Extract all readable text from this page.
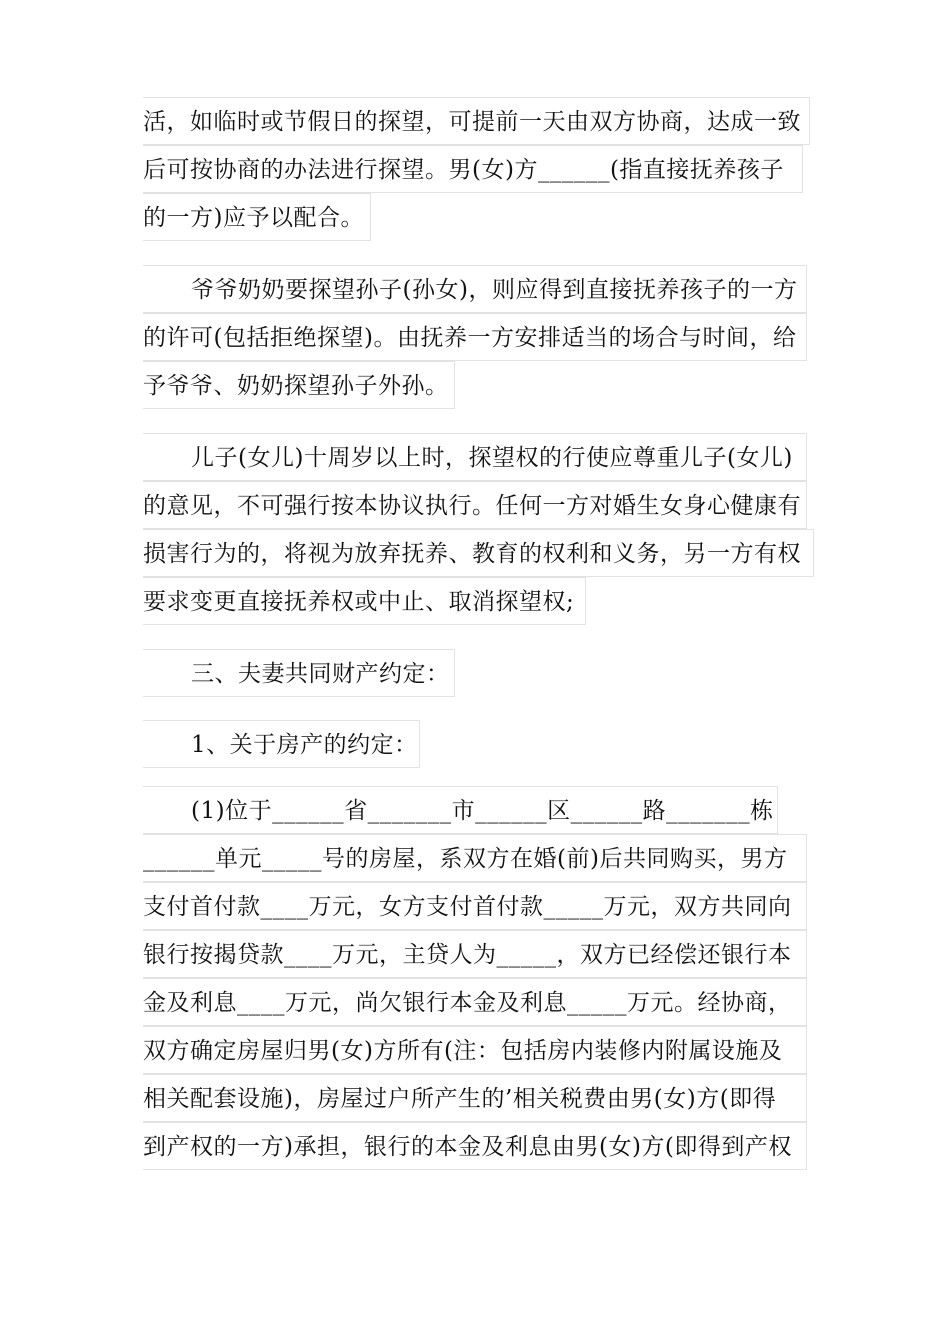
活，如临时或节假日的探望，可提前一天由双方协商，达成一致
后可按协商的办法进行探望。男(女)方______(指直接抚养孩子
的一方)应予以配合。
爷爷奶奶要探望孙子(孙女)，则应得到直接抚养孩子的一方
的许可(包括拒绝探望)。由抚养一方安排适当的场合与时间，给
予爷爷、奶奶探望孙子外孙。
儿子(女儿)十周岁以上时，探望权的行使应尊重儿子(女儿)
的意见，不可强行按本协议执行。任何一方对婚生女身心健康有
损害行为的，将视为放弃抚养、教育的权利和义务，另一方有权
要求变更直接抚养权或中止、取消探望权;
三、夫妻共同财产约定：
1、关于房产的约定：
(1)位于______省_______市______区______路_______栋
______单元_____号的房屋，系双方在婚(前)后共同购买，男方
支付首付款____万元，女方支付首付款_____万元，双方共同向
银行按揭贷款____万元，主贷人为_____，双方已经偿还银行本
金及利息____万元，尚欠银行本金及利息_____万元。经协商，
双方确定房屋归男(女)方所有(注：包括房内装修内附属设施及
相关配套设施)，房屋过户所产生的’相关税费由男(女)方(即得
到产权的一方)承担，银行的本金及利息由男(女)方(即得到产权
